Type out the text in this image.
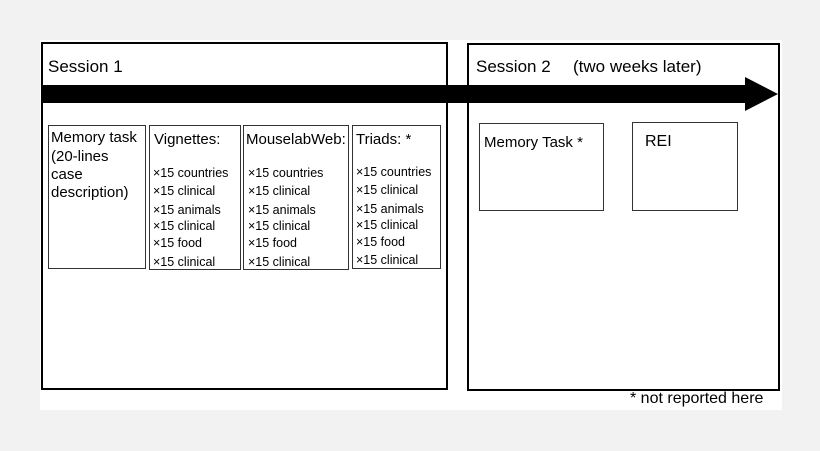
Session 1	Session 2 (two weeks later)
Memory task
(20-lines
case
description)
Vignettes:
×15 countries
×15 clinical
×15 animals
×15 clinical
×15 food
×15 clinical
MouselabWeb:
×15 countries
×15 clinical
×15 animals
×15 clinical
×15 food
×15 clinical
Triads: *
×15 countries
×15 clinical
×15 animals
×15 clinical
×15 food
×15 clinical
Memory Task *	REI
* not reported here
